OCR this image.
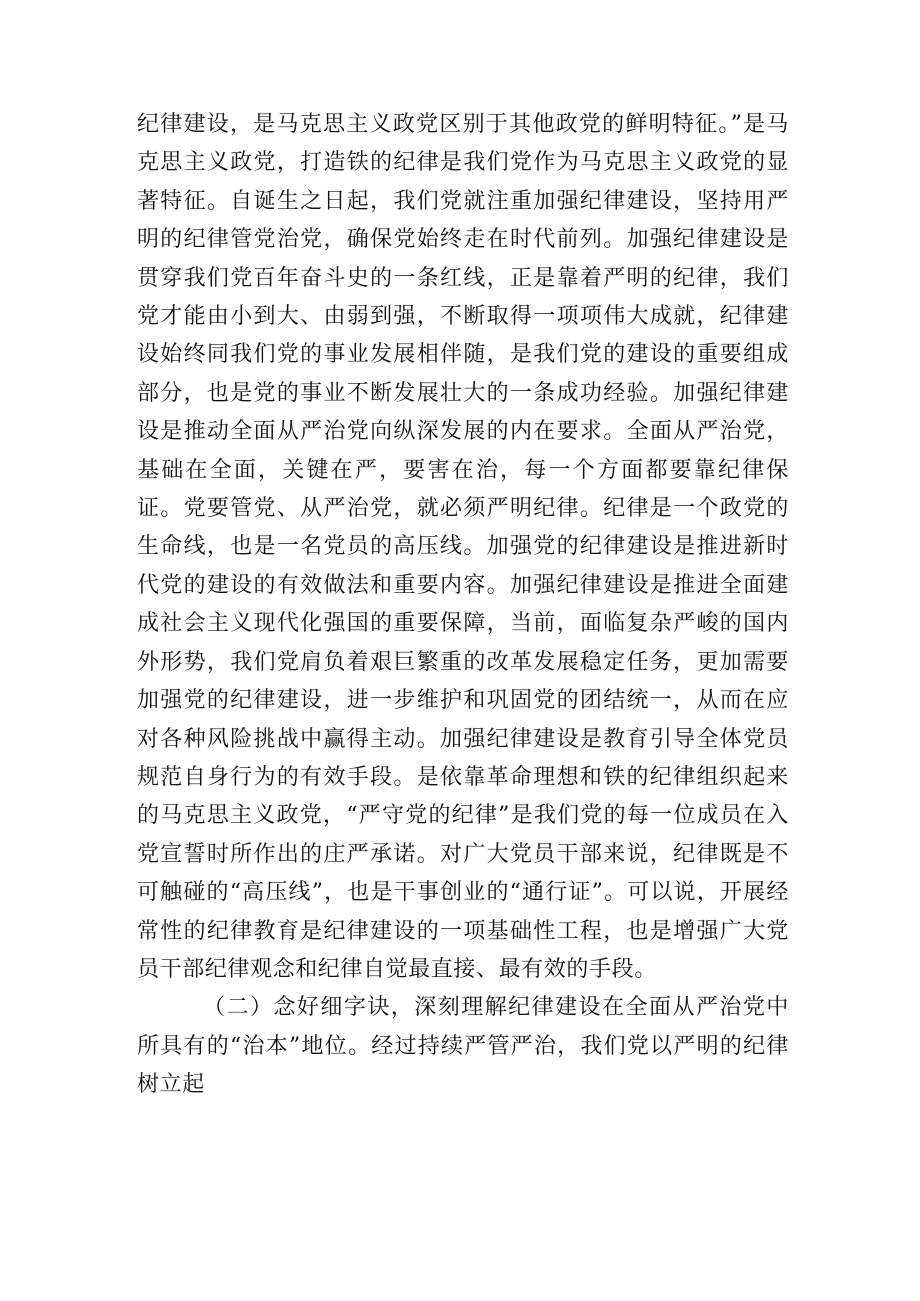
纪律建设，是马克思主义政党区别于其他政党的鲜明特征。”是马克思主义政党，打造铁的纪律是我们党作为马克思主义政党的显著特征。自诞生之日起，我们党就注重加强纪律建设，坚持用严明的纪律管党治党，确保党始终走在时代前列。加强纪律建设是贯穿我们党百年奋斗史的一条红线，正是靠着严明的纪律，我们党才能由小到大、由弱到强，不断取得一项项伟大成就，纪律建设始终同我们党的事业发展相伴随，是我们党的建设的重要组成部分，也是党的事业不断发展壮大的一条成功经验。加强纪律建设是推动全面从严治党向纵深发展的内在要求。全面从严治党，基础在全面，关键在严，要害在治，每一个方面都要靠纪律保证。党要管党、从严治党，就必须严明纪律。纪律是一个政党的生命线，也是一名党员的高压线。加强党的纪律建设是推进新时代党的建设的有效做法和重要内容。加强纪律建设是推进全面建成社会主义现代化强国的重要保障，当前，面临复杂严峻的国内外形势，我们党肩负着艰巨繁重的改革发展稳定任务，更加需要加强党的纪律建设，进一步维护和巩固党的团结统一，从而在应对各种风险挑战中赢得主动。加强纪律建设是教育引导全体党员规范自身行为的有效手段。是依靠革命理想和铁的纪律组织起来的马克思主义政党，“严守党的纪律”是我们党的每一位成员在入党宣誓时所作出的庄严承诺。对广大党员干部来说，纪律既是不可触碰的“高压线”，也是干事创业的“通行证”。可以说，开展经常性的纪律教育是纪律建设的一项基础性工程，也是增强广大党员干部纪律观念和纪律自觉最直接、最有效的手段。

（二）念好细字诀，深刻理解纪律建设在全面从严治党中所具有的“治本”地位。经过持续严管严治，我们党以严明的纪律树立起
